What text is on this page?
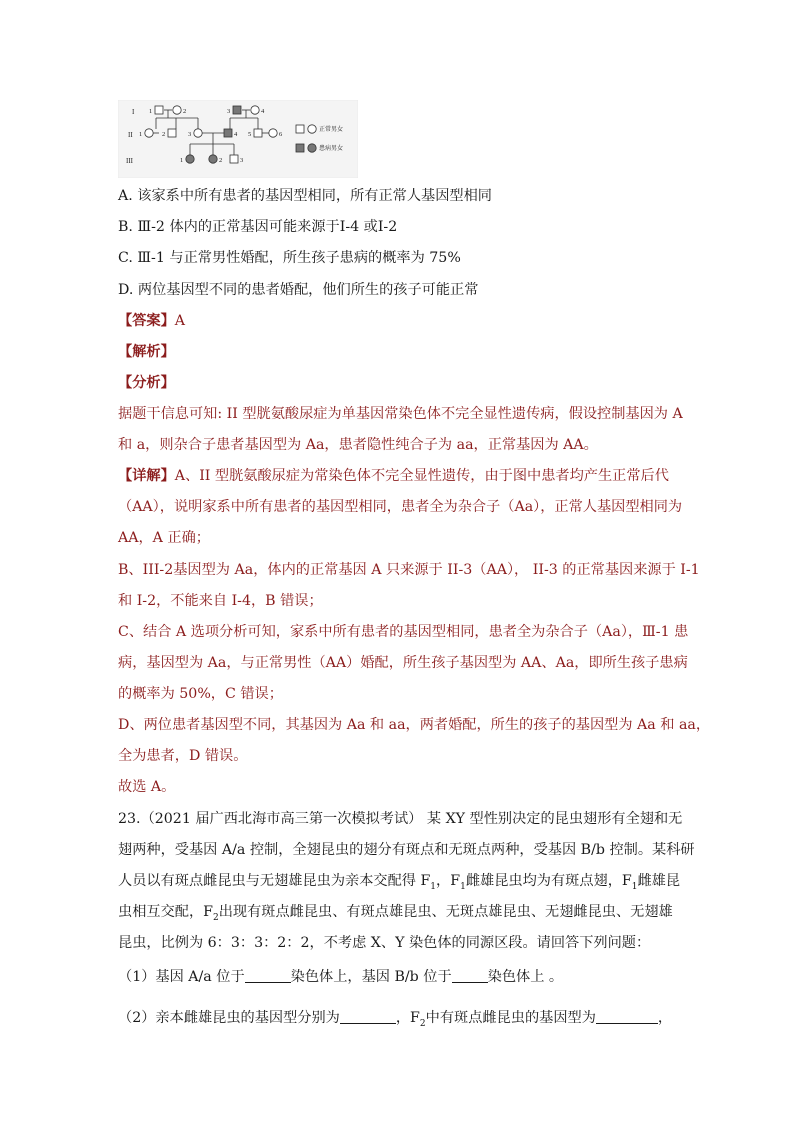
I
II
III
1	2	3	4
1	2	3	4 5	6
1	2	3
正常男女
患病男女
A. 该家系中所有患者的基因型相同，所有正常人基因型相同
B. Ⅲ-2 体内的正常基因可能来源于Ⅰ-4 或Ⅰ-2
C. Ⅲ-1 与正常男性婚配，所生孩子患病的概率为 75%
D. 两位基因型不同的患者婚配，他们所生的孩子可能正常
【答案】A
【解析】
【分析】
据题干信息可知: II 型胱氨酸尿症为单基因常染色体不完全显性遗传病，假设控制基因为 A
和 a，则杂合子患者基因型为 Aa，患者隐性纯合子为 aa，正常基因为 AA。
【详解】A、II 型胱氨酸尿症为常染色体不完全显性遗传，由于图中患者均产生正常后代
（AA），说明家系中所有患者的基因型相同，患者全为杂合子（Aa），正常人基因型相同为
AA，A 正确；
B、III-2基因型为 Aa，体内的正常基因 A 只来源于 II-3（AA）， II-3 的正常基因来源于 I-1
和 I-2，不能来自 I-4，B 错误；
C、结合 A 选项分析可知，家系中所有患者的基因型相同，患者全为杂合子（Aa），Ⅲ-1 患
病，基因型为 Aa，与正常男性（AA）婚配，所生孩子基因型为 AA、Aa，即所生孩子患病
的概率为 50%，C 错误；
D、两位患者基因型不同，其基因为 Aa 和 aa，两者婚配，所生的孩子的基因型为 Aa 和 aa，
全为患者，D 错误。
故选 A。
23.（2021 届广西北海市高三第一次模拟考试） 某 XY 型性别决定的昆虫翅形有全翅和无
翅两种，受基因 A/a 控制，全翅昆虫的翅分有斑点和无斑点两种，受基因 B/b 控制。某科研
人员以有斑点雌昆虫与无翅雄昆虫为亲本交配得 $F_1$，$F_1$雌雄昆虫均为有斑点翅，$F_1$雌雄昆
虫相互交配，$F_2$出现有斑点雌昆虫、有斑点雄昆虫、无斑点雄昆虫、无翅雌昆虫、无翅雄
昆虫，比例为 6：3：3：2：2，不考虑 X、Y 染色体的同源区段。请回答下列问题：
（1）基因 A/a 位于	染色体上，基因 B/b 位于	染色体上 。
（2）亲本雌雄昆虫的基因型分别为	，$F_2$中有斑点雌昆虫的基因型为	，
